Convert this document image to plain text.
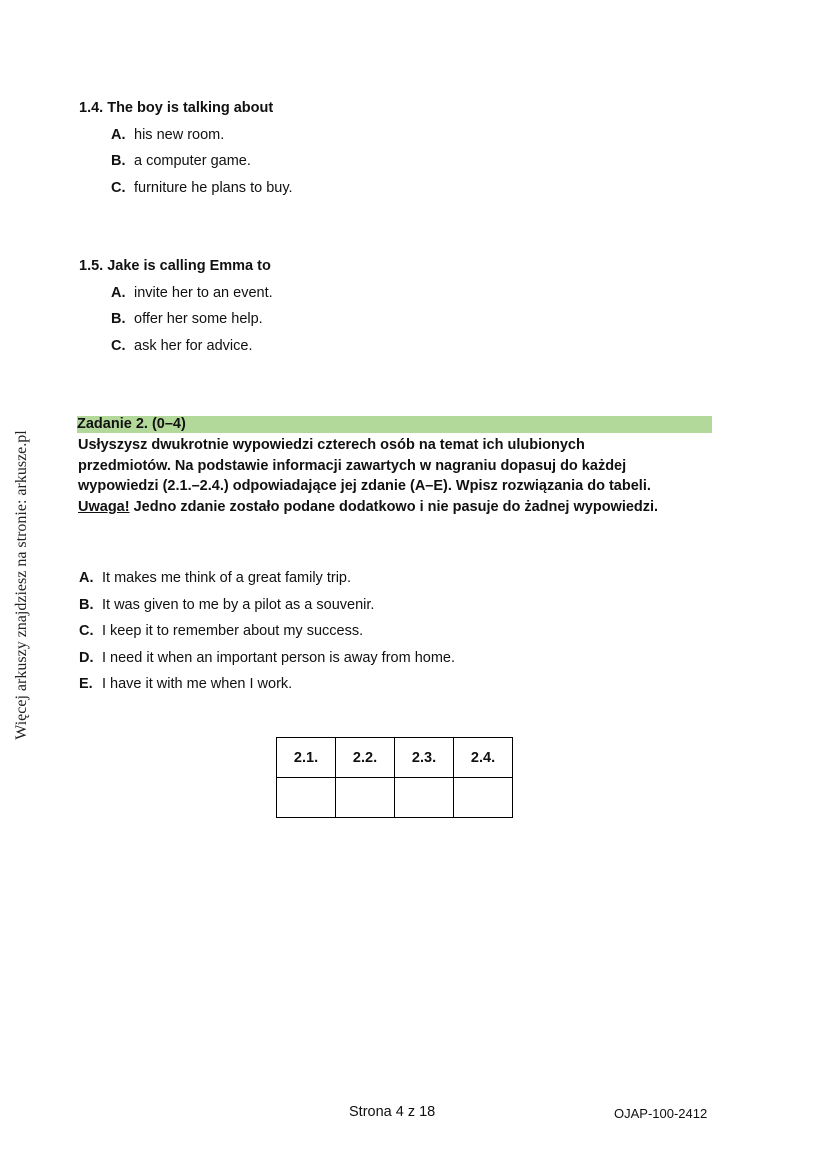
Więcej arkuszy znajdziesz na stronie: arkusze.pl
1.4. The boy is talking about
A. his new room.
B. a computer game.
C. furniture he plans to buy.
1.5. Jake is calling Emma to
A. invite her to an event.
B. offer her some help.
C. ask her for advice.
Zadanie 2. (0–4)
Usłyszysz dwukrotnie wypowiedzi czterech osób na temat ich ulubionych
przedmiotów. Na podstawie informacji zawartych w nagraniu dopasuj do każdej
wypowiedzi (2.1.–2.4.) odpowiadające jej zdanie (A–E). Wpisz rozwiązania do tabeli.
Uwaga! Jedno zdanie zostało podane dodatkowo i nie pasuje do żadnej wypowiedzi.
A. It makes me think of a great family trip.
B. It was given to me by a pilot as a souvenir.
C. I keep it to remember about my success.
D. I need it when an important person is away from home.
E. I have it with me when I work.
2.1.	2.2.	2.3.	2.4.

Strona 4 z 18	OJAP-100-2412
